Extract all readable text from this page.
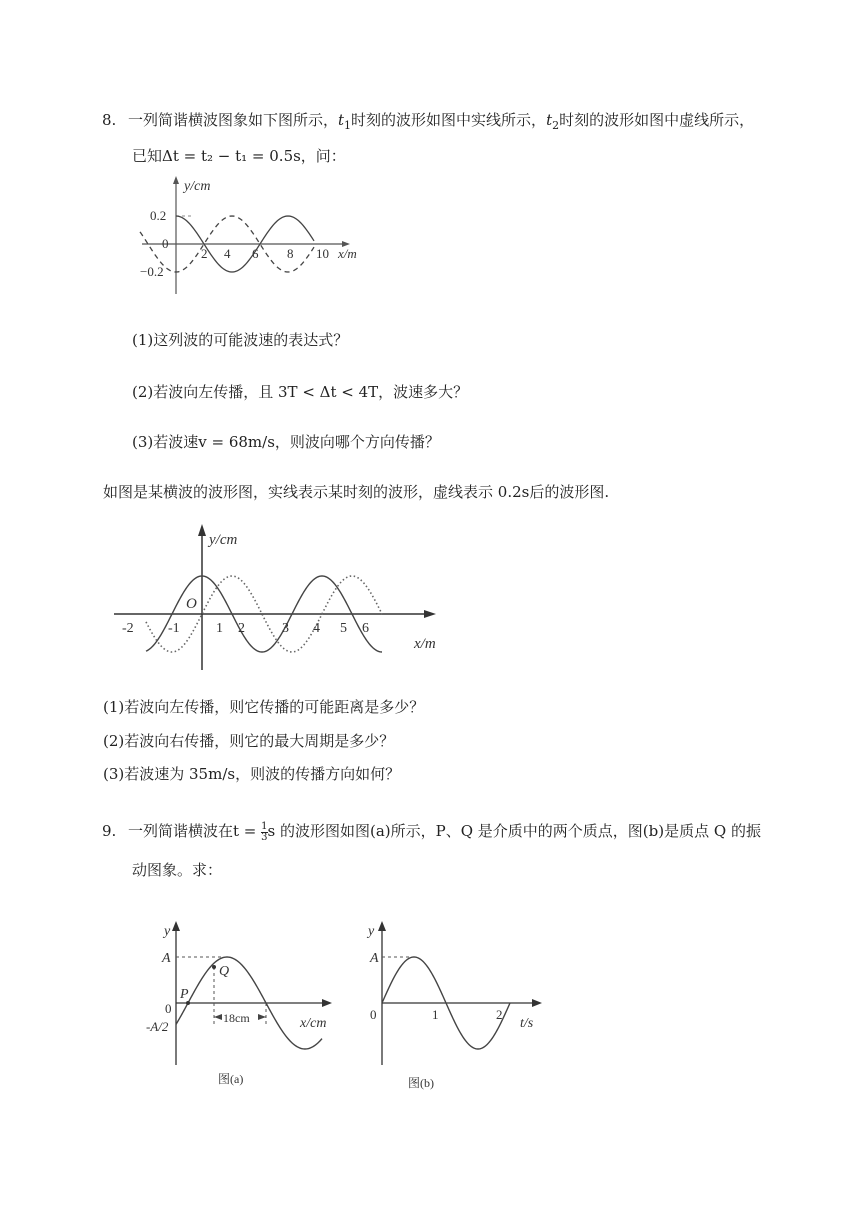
8. 一列简谐横波图象如下图所示，$t_1$时刻的波形如图中实线所示，$t_2$时刻的波形如图中虚线所示，
已知Δt = t₂ − t₁ = 0.5s，问：
y/cm
0.2
0
−0.2
2 4 6 8 10 x/m
(1)这列波的可能波速的表达式？
(2)若波向左传播，且 3T < Δt < 4T，波速多大？
(3)若波速v = 68m/s，则波向哪个方向传播？
如图是某横波的波形图，实线表示某时刻的波形，虚线表示 0.2s后的波形图.
y/cm
O
-2 -1	1 2	3 4 5 6
x/m
(1)若波向左传播，则它传播的可能距离是多少？
(2)若波向右传播，则它的最大周期是多少？
(3)若波速为 35m/s，则波的传播方向如何？
9. 一列简谐横波在$t = \frac{1}{3}$ s 的波形图如图(a)所示，P、Q 是介质中的两个质点，图(b)是质点 Q 的振
动图象。求：
y
A
0
-A/2
P
Q
18cm	x/cm
图(a)
y
A
0	1	2
t/s
图(b)
